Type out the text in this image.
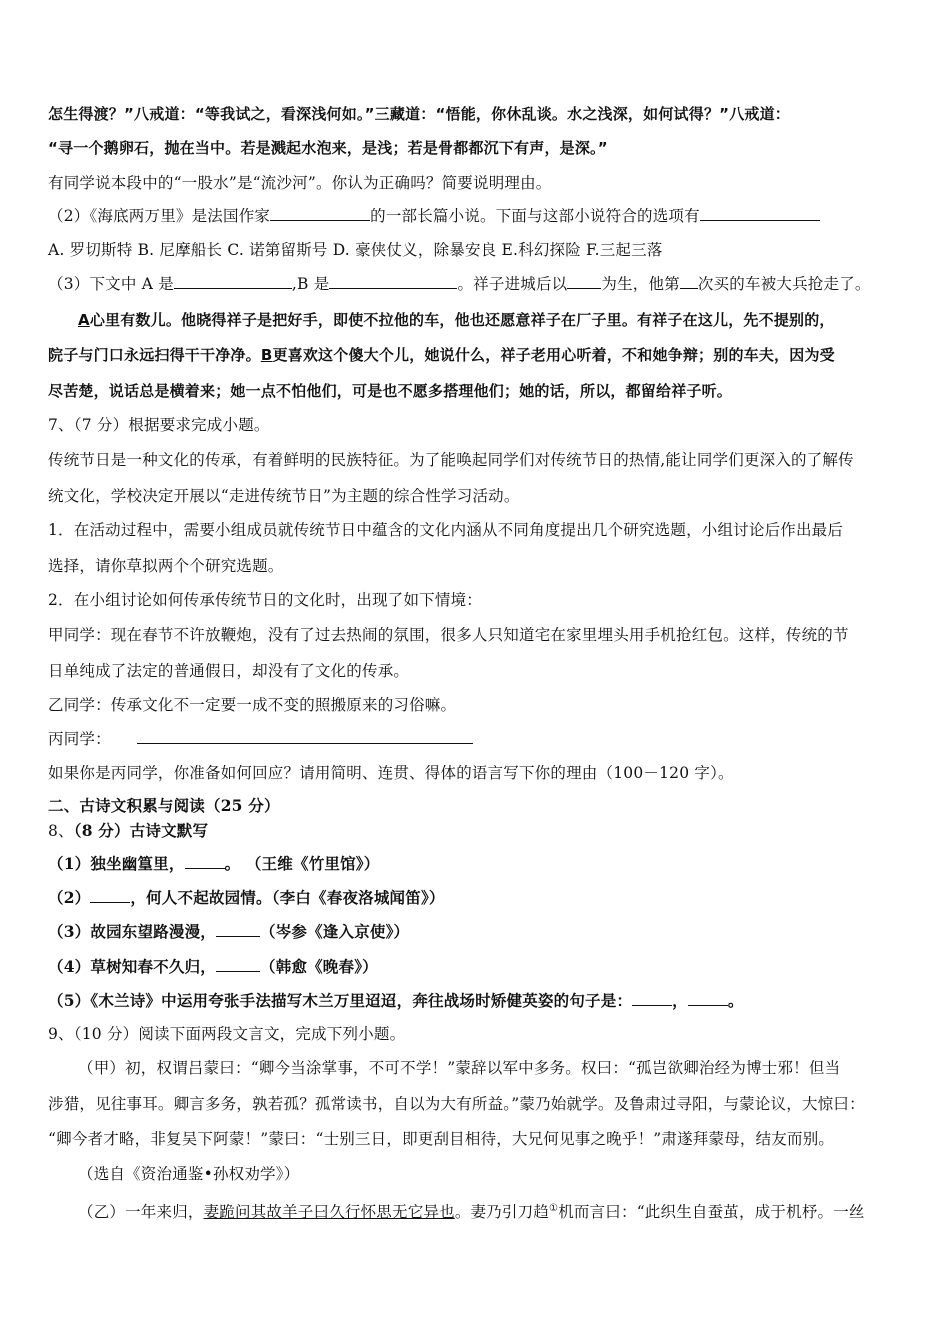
怎生得渡？”八戒道：“等我试之，看深浅何如。”三藏道：“悟能，你休乱谈。水之浅深，如何试得？”八戒道：
“寻一个鹅卵石，抛在当中。若是溅起水泡来，是浅；若是骨都都沉下有声，是深。”
有同学说本段中的“一股水”是“流沙河”。你认为正确吗？简要说明理由。
（2）《海底两万里》是法国作家	的一部长篇小说。下面与这部小说符合的选项有
A. 罗切斯特 B. 尼摩船长 C. 诺第留斯号 D. 豪侠仗义，除暴安良 E.科幻探险 F.三起三落
（3）下文中 A 是	,B 是	。祥子进城后以 为生，他第 次买的车被大兵抢走了。
A心里有数儿。他晓得祥子是把好手，即使不拉他的车，他也还愿意祥子在厂子里。有祥子在这儿，先不提别的，
院子与门口永远扫得干干净净。B更喜欢这个傻大个儿，她说什么，祥子老用心听着，不和她争辩；别的车夫，因为受
尽苦楚，说话总是横着来；她一点不怕他们，可是也不愿多搭理他们；她的话，所以，都留给祥子听。
7、（7 分）根据要求完成小题。
传统节日是一种文化的传承，有着鲜明的民族特征。为了能唤起同学们对传统节日的热情,能让同学们更深入的了解传
统文化，学校决定开展以“走进传统节日”为主题的综合性学习活动。
1．在活动过程中，需要小组成员就传统节日中蕴含的文化内涵从不同角度提出几个研究选题，小组讨论后作出最后
选择，请你草拟两个个研究选题。
2．在小组讨论如何传承传统节日的文化时，出现了如下情境：
甲同学：现在春节不许放鞭炮，没有了过去热闹的氛围，很多人只知道宅在家里埋头用手机抢红包。这样，传统的节
日单纯成了法定的普通假日，却没有了文化的传承。
乙同学：传承文化不一定要一成不变的照搬原来的习俗嘛。
丙同学：
如果你是丙同学，你准备如何回应？请用简明、连贯、得体的语言写下你的理由（100－120 字）。
二、古诗文积累与阅读（25 分）
8、（8 分）古诗文默写
（1）独坐幽篁里，	。 （王维《竹里馆》）
（2）	，何人不起故园情。（李白《春夜洛城闻笛》）
（3）故园东望路漫漫，	（岑参《逢入京使》）
（4）草树知春不久归，	（韩愈《晚春》）
（5）《木兰诗》中运用夸张手法描写木兰万里迢迢，奔往战场时矫健英姿的句子是：	，	。
9、（10 分）阅读下面两段文言文，完成下列小题。
（甲）初，权谓吕蒙曰：“卿今当涂掌事，不可不学！”蒙辞以军中多务。权曰：“孤岂欲卿治经为博士邪！但当
涉猎，见往事耳。卿言多务，孰若孤？孤常读书，自以为大有所益。”蒙乃始就学。及鲁肃过寻阳，与蒙论议，大惊曰：
“卿今者才略，非复吴下阿蒙！”蒙曰：“士别三日，即更刮目相待，大兄何见事之晚乎！”肃遂拜蒙母，结友而别。
（选自《资治通鉴•孙权劝学》）
（乙）一年来归，妻跪问其故羊子曰久行怀思无它异也。妻乃引刀趋①机而言曰：“此织生自蚕茧，成于机杼。一丝
